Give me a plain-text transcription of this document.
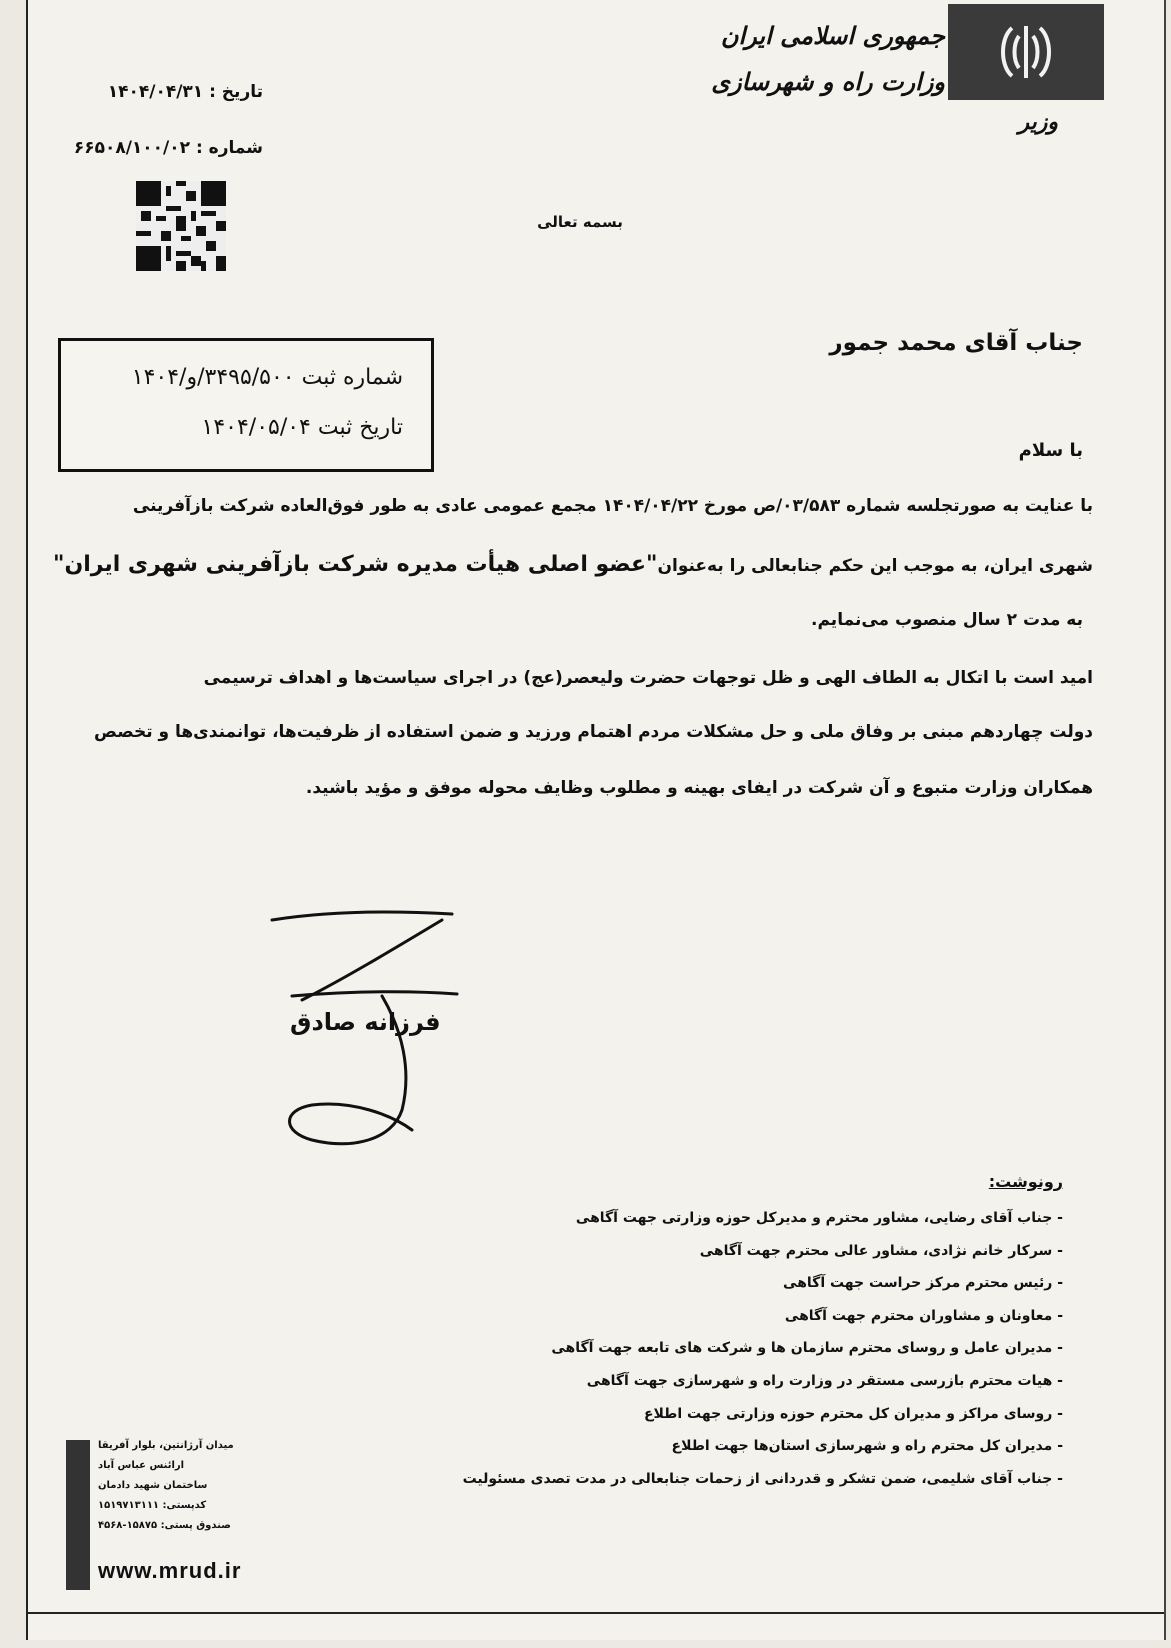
جمهوری اسلامی ایران
وزارت راه و شهرسازی
وزیر
تاریخ : ۱۴۰۴/۰۴/۳۱
شماره : ۶۶۵۰۸/۱۰۰/۰۲
بسمه تعالی
شماره ثبت ۳۴۹۵/۵۰۰/و/۱۴۰۴
تاریخ ثبت ۱۴۰۴/۰۵/۰۴
جناب آقای محمد جمور
با سلام
با عنایت به صورتجلسه شماره ۰۳/۵۸۳/ص مورخ ۱۴۰۴/۰۴/۲۲ مجمع عمومی عادی به طور فوق‌العاده شرکت بازآفرینی
شهری ایران، به موجب این حکم جنابعالی را به‌عنوان"عضو اصلی هیأت مدیره شرکت بازآفرینی شهری ایران"
به مدت ۲ سال منصوب می‌نمایم.
امید است با اتکال به الطاف الهی و ظل توجهات حضرت ولیعصر(عج) در اجرای سیاست‌ها و اهداف ترسیمی
دولت چهاردهم مبنی بر وفاق ملی و حل مشکلات مردم اهتمام ورزید و ضمن استفاده از ظرفیت‌ها، توانمندی‌ها و تخصص
همکاران وزارت متبوع و آن شرکت در ایفای بهینه و مطلوب وظایف محوله موفق و مؤید باشید.
فرزانه صادق
رونوشت:
- جناب آقای رضایی، مشاور محترم و مدیرکل حوزه وزارتی جهت آگاهی
- سرکار خانم نژادی، مشاور عالی محترم جهت آگاهی
- رئیس محترم مرکز حراست جهت آگاهی
- معاونان و مشاوران محترم جهت آگاهی
- مدیران عامل و روسای محترم سازمان ها و شرکت های تابعه جهت آگاهی
- هیات محترم بازرسی مستقر در وزارت راه و شهرسازی جهت آگاهی
- روسای مراکز و مدیران کل محترم حوزه وزارتی جهت اطلاع
- مدیران کل محترم راه و شهرسازی استان‌ها جهت اطلاع
- جناب آقای شلیمی، ضمن تشکر و قدردانی از زحمات جنابعالی در مدت تصدی مسئولیت
میدان آرژانتین، بلوار آفریقا
ارائنس عباس آباد
ساختمان شهید دادمان
کدپستی: ۱۵۱۹۷۱۳۱۱۱
صندوق پستی: ۱۵۸۷۵-۴۵۶۸
www.mrud.ir
